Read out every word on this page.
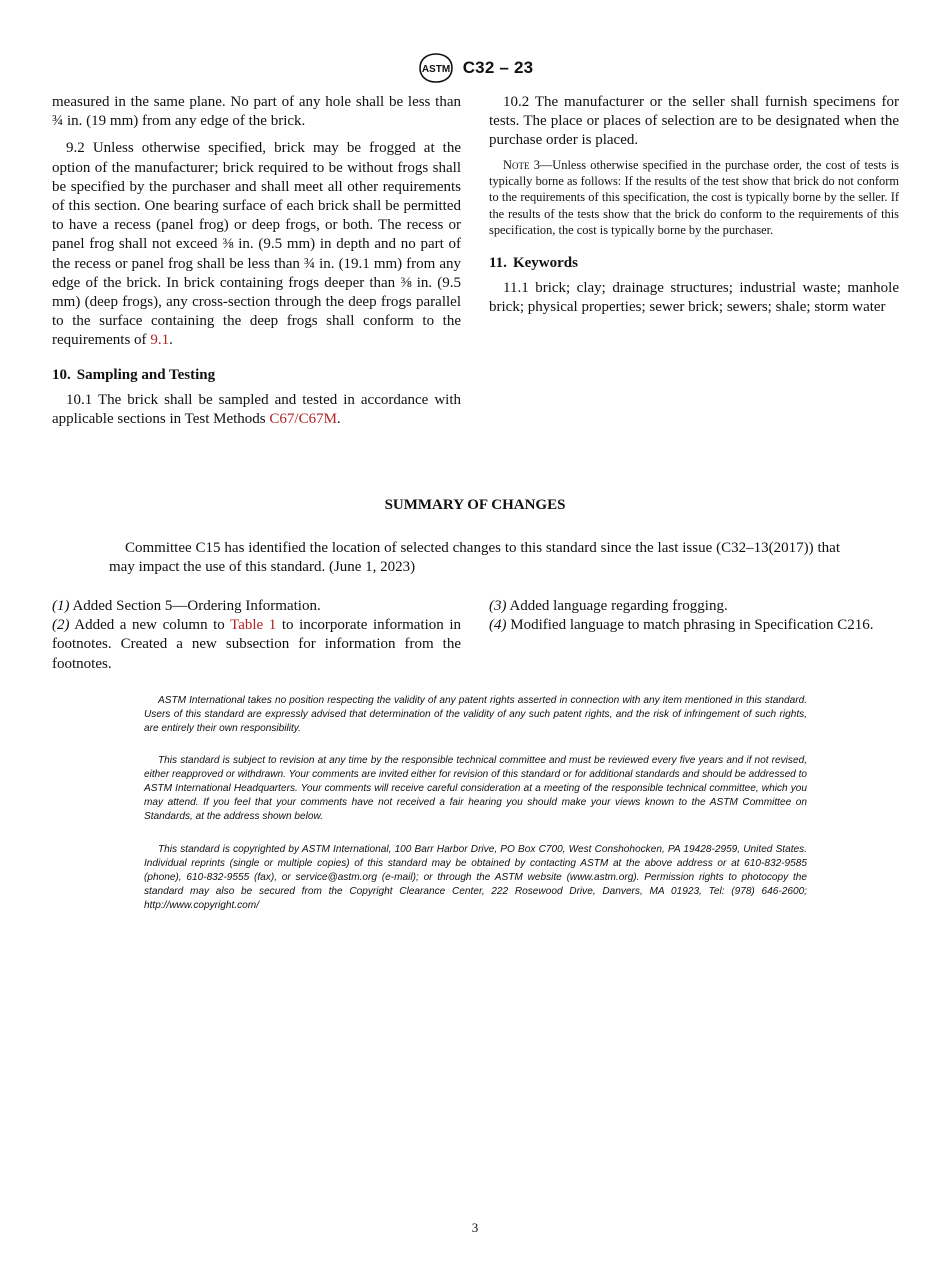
ASTM C32 – 23

measured in the same plane. No part of any hole shall be less than ¾ in. (19 mm) from any edge of the brick.

9.2 Unless otherwise specified, brick may be frogged at the option of the manufacturer; brick required to be without frogs shall be specified by the purchaser and shall meet all other requirements of this section. One bearing surface of each brick shall be permitted to have a recess (panel frog) or deep frogs, or both. The recess or panel frog shall not exceed ⅜ in. (9.5 mm) in depth and no part of the recess or panel frog shall be less than ¾ in. (19.1 mm) from any edge of the brick. In brick containing frogs deeper than ⅜ in. (9.5 mm) (deep frogs), any cross-section through the deep frogs parallel to the surface containing the deep frogs shall conform to the requirements of 9.1.

10. Sampling and Testing

10.1 The brick shall be sampled and tested in accordance with applicable sections in Test Methods C67/C67M.

10.2 The manufacturer or the seller shall furnish specimens for tests. The place or places of selection are to be designated when the purchase order is placed.

Note 3—Unless otherwise specified in the purchase order, the cost of tests is typically borne as follows: If the results of the test show that brick do not conform to the requirements of this specification, the cost is typically borne by the seller. If the results of the tests show that the brick do conform to the requirements of this specification, the cost is typically borne by the purchaser.

11. Keywords

11.1 brick; clay; drainage structures; industrial waste; manhole brick; physical properties; sewer brick; sewers; shale; storm water

SUMMARY OF CHANGES

Committee C15 has identified the location of selected changes to this standard since the last issue (C32–13(2017)) that may impact the use of this standard. (June 1, 2023)

(1) Added Section 5—Ordering Information.

(2) Added a new column to Table 1 to incorporate information in footnotes. Created a new subsection for information from the footnotes.

(3) Added language regarding frogging.

(4) Modified language to match phrasing in Specification C216.

ASTM International takes no position respecting the validity of any patent rights asserted in connection with any item mentioned in this standard. Users of this standard are expressly advised that determination of the validity of any such patent rights, and the risk of infringement of such rights, are entirely their own responsibility.

This standard is subject to revision at any time by the responsible technical committee and must be reviewed every five years and if not revised, either reapproved or withdrawn. Your comments are invited either for revision of this standard or for additional standards and should be addressed to ASTM International Headquarters. Your comments will receive careful consideration at a meeting of the responsible technical committee, which you may attend. If you feel that your comments have not received a fair hearing you should make your views known to the ASTM Committee on Standards, at the address shown below.

This standard is copyrighted by ASTM International, 100 Barr Harbor Drive, PO Box C700, West Conshohocken, PA 19428-2959, United States. Individual reprints (single or multiple copies) of this standard may be obtained by contacting ASTM at the above address or at 610-832-9585 (phone), 610-832-9555 (fax), or service@astm.org (e-mail); or through the ASTM website (www.astm.org). Permission rights to photocopy the standard may also be secured from the Copyright Clearance Center, 222 Rosewood Drive, Danvers, MA 01923, Tel: (978) 646-2600; http://www.copyright.com/

3
